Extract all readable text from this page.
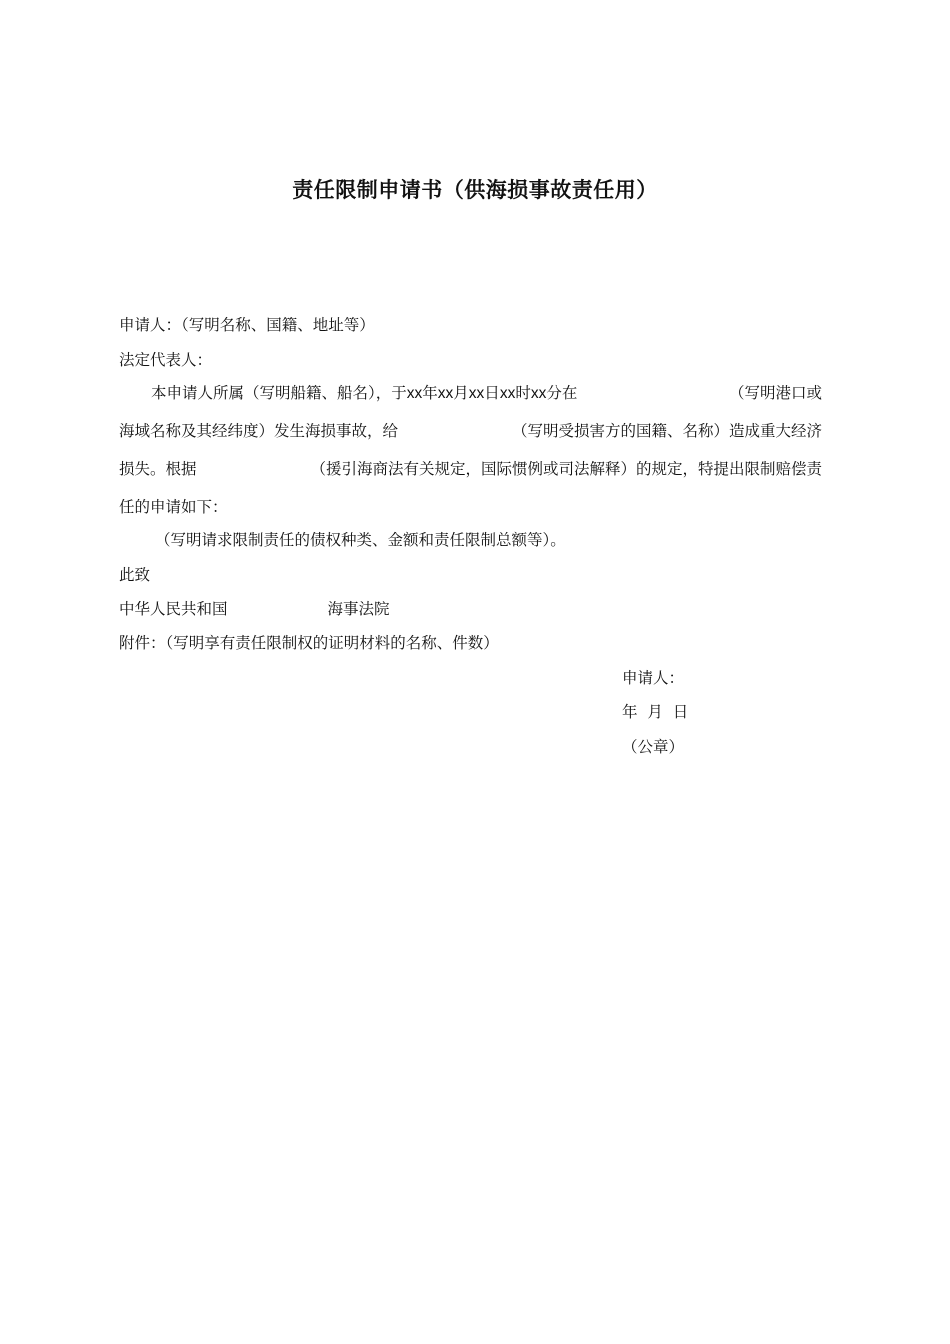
责任限制申请书（供海损事故责任用）
申请人：（写明名称、国籍、地址等）
法定代表人：
本申请人所属（写明船籍、船名），于xx年xx月xx日xx时xx分在	（写明港口或
海域名称及其经纬度）发生海损事故，给	（写明受损害方的国籍、名称）造成重大经济
损失。根据	（援引海商法有关规定，国际惯例或司法解释）的规定，特提出限制赔偿责
任的申请如下：
（写明请求限制责任的债权种类、金额和责任限制总额等）。
此致
中华人民共和国	海事法院
附件：（写明享有责任限制权的证明材料的名称、件数）
申请人：
年  月  日
（公章）
